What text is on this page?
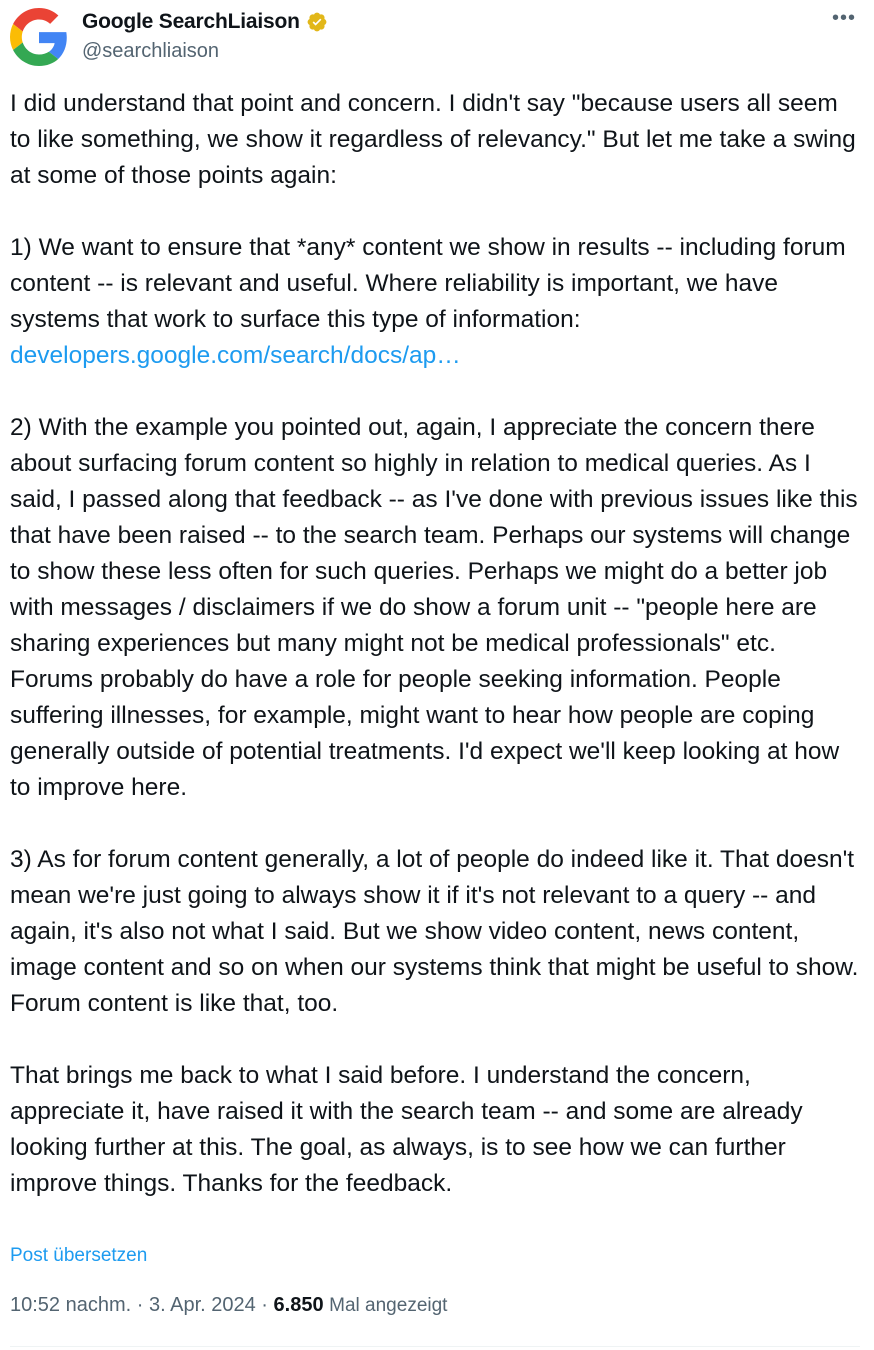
Google SearchLiaison
@searchliaison
•••

I did understand that point and concern. I didn't say "because users all seem to like something, we show it regardless of relevancy." But let me take a swing at some of those points again:

1) We want to ensure that *any* content we show in results -- including forum content -- is relevant and useful. Where reliability is important, we have systems that work to surface this type of information:
developers.google.com/search/docs/ap…

2) With the example you pointed out, again, I appreciate the concern there about surfacing forum content so highly in relation to medical queries. As I said, I passed along that feedback -- as I've done with previous issues like this that have been raised -- to the search team. Perhaps our systems will change to show these less often for such queries. Perhaps we might do a better job with messages / disclaimers if we do show a forum unit -- "people here are sharing experiences but many might not be medical professionals" etc. Forums probably do have a role for people seeking information. People suffering illnesses, for example, might want to hear how people are coping generally outside of potential treatments. I'd expect we'll keep looking at how to improve here.

3) As for forum content generally, a lot of people do indeed like it. That doesn't mean we're just going to always show it if it's not relevant to a query -- and again, it's also not what I said. But we show video content, news content, image content and so on when our systems think that might be useful to show. Forum content is like that, too.

That brings me back to what I said before. I understand the concern, appreciate it, have raised it with the search team -- and some are already looking further at this. The goal, as always, is to see how we can further improve things. Thanks for the feedback.

Post übersetzen
10:52 nachm. · 3. Apr. 2024 · 6.850 Mal angezeigt
